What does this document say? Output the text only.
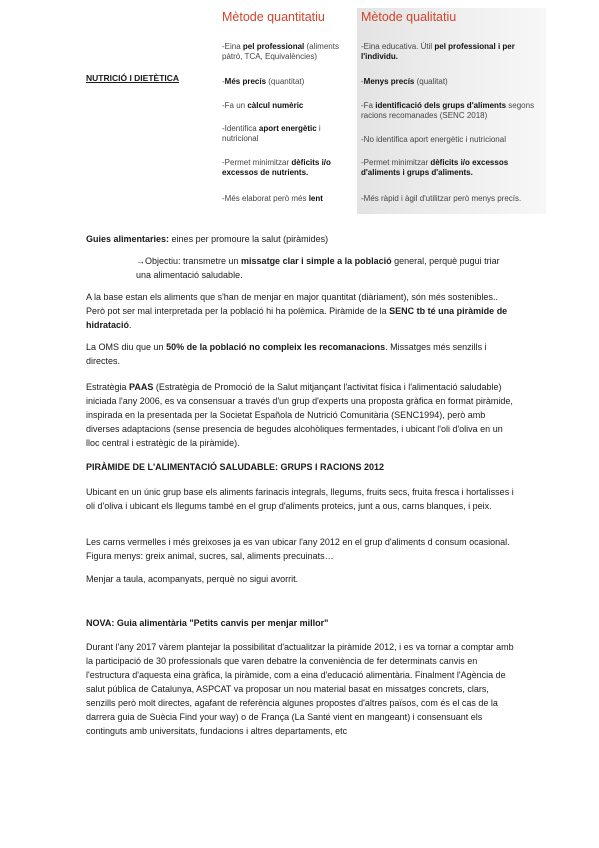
NUTRICIÓ I DIETÈTICA
Mètode quantitatiu
-Eina pel professional (aliments pàtró, TCA, Equivalències)
-Més precís (quantitat)
-Fa un càlcul numèric
-Identifica aport energètic i nutricional
-Permet minimitzar dèficits i/o excessos de nutrients.
-Més elaborat però més lent
Mètode qualitatiu
-Eina educativa. Útil pel professional i per l'individu.
-Menys precís (qualitat)
-Fa identificació dels grups d'aliments segons racions recomanades (SENC 2018)
-No identifica aport energètic i nutricional
-Permet minimitzar dèficits i/o excessos d'aliments i grups d'aliments.
-Més ràpid i àgil d'utilitzar però menys precís.
Guies alimentaries: eines per promoure la salut (piràmides)
→Objectiu: transmetre un missatge clar i simple a la població general, perquè pugui triar una alimentació saludable.
A la base estan els aliments que s'han de menjar en major quantitat (diàriament), són més sostenibles.. Però pot ser mal interpretada per la població hi ha polèmica. Piràmide de la SENC tb té una piràmide de hidratació.
La OMS diu que un 50% de la població no compleix les recomanacions. Missatges més senzills i directes.
Estratègia PAAS (Estratègia de Promoció de la Salut mitjançant l'activitat física i l'alimentació saludable) iniciada l'any 2006, es va consensuar a través d'un grup d'experts una proposta gràfica en format piràmide, inspirada en la presentada per la Societat Española de Nutrició Comunitària (SENC1994), però amb diverses adaptacions (sense presencia de begudes alcohòliques fermentades, i ubicant l'oli d'oliva en un lloc central i estratègic de la piràmide).
PIRÀMIDE DE L'ALIMENTACIÓ SALUDABLE: GRUPS I RACIONS 2012
Ubicant en un únic grup base els aliments farinacis integrals, llegums, fruits secs, fruita fresca i hortalisses i oli d'oliva i ubicant els llegums també en el grup d'aliments proteics, junt a ous, carns blanques, i peix.
Les carns vermelles i més greixoses ja es van ubicar l'any 2012 en el grup d'aliments d consum ocasional. Figura menys: greix animal, sucres, sal, aliments precuinats…
Menjar a taula, acompanyats, perquè no sigui avorrit.
NOVA: Guia alimentària "Petits canvis per menjar millor"
Durant l'any 2017 vàrem plantejar la possibilitat d'actualitzar la piràmide 2012, i es va tornar a comptar amb la participació de 30 professionals que varen debatre la conveniència de fer determinats canvis en l'estructura d'aquesta eina gràfica, la piràmide, com a eina d'educació alimentària. Finalment l'Agència de salut pública de Catalunya, ASPCAT va proposar un nou material basat en missatges concrets, clars, senzills però molt directes, agafant de referència algunes propostes d'altres països, com és el cas de la darrera guia de Suècia Find your way) o de França (La Santé vient en mangeant) i consensuant els continguts amb universitats, fundacions i altres departaments, etc
